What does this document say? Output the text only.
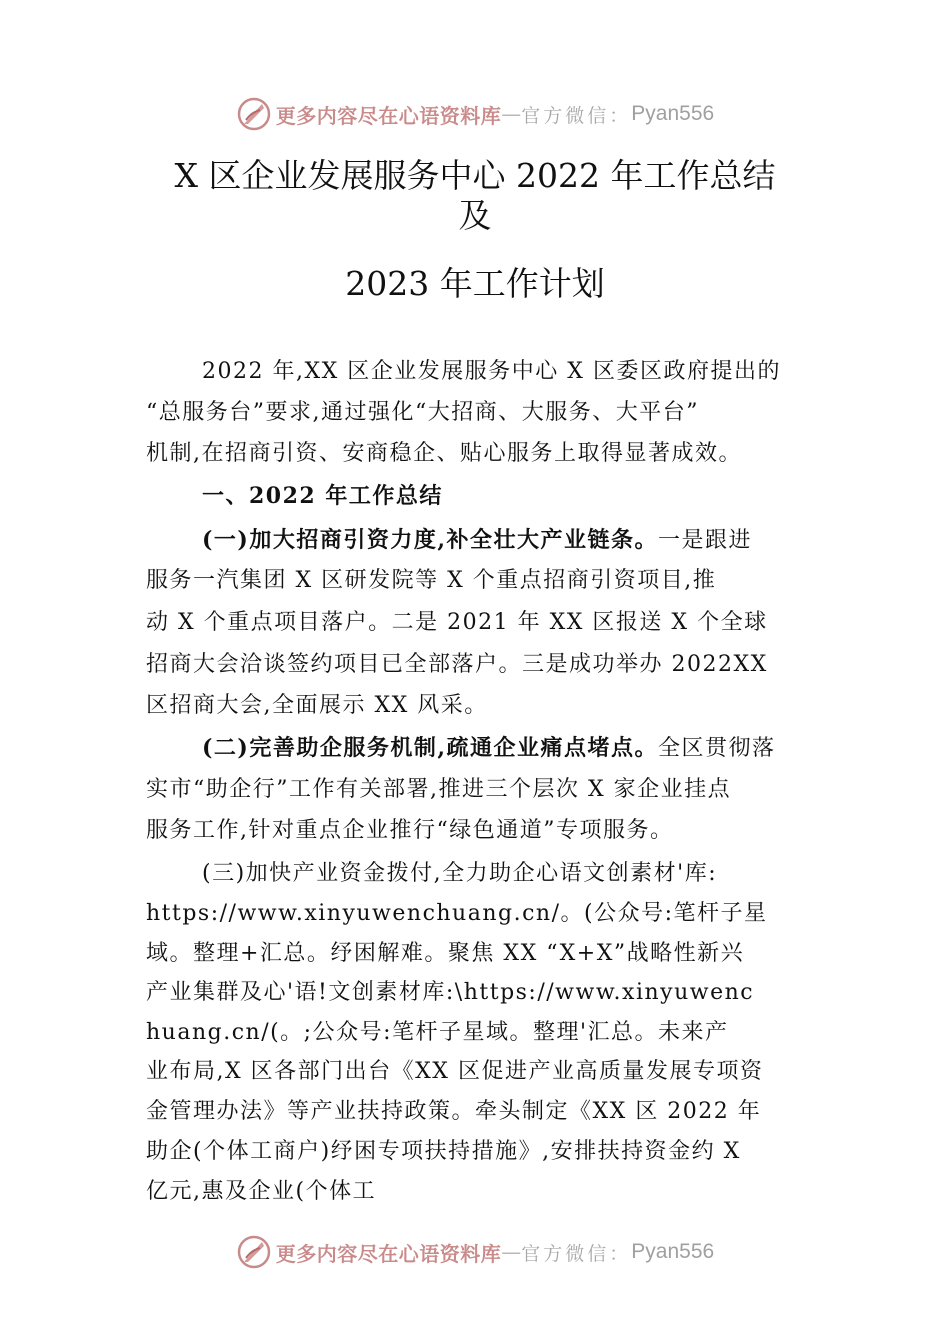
更多内容尽在心语资料库 — 官方微信： Pyan556
X 区企业发展服务中心 2022 年工作总结
及
2023 年工作计划
2022 年,XX 区企业发展服务中心 X 区委区政府提出的
“总服务台”要求,通过强化“大招商、大服务、大平台”
机制,在招商引资、安商稳企、贴心服务上取得显著成效。
一、2022 年工作总结
(一)加大招商引资力度,补全壮大产业链条。一是跟进
服务一汽集团 X 区研发院等 X 个重点招商引资项目,推
动 X 个重点项目落户。二是 2021 年 XX 区报送 X 个全球
招商大会洽谈签约项目已全部落户。三是成功举办 2022XX
区招商大会,全面展示 XX 风采。
(二)完善助企服务机制,疏通企业痛点堵点。全区贯彻落
实市“助企行”工作有关部署,推进三个层次 X 家企业挂点
服务工作,针对重点企业推行“绿色通道”专项服务。
(三)加快产业资金拨付,全力助企心语文创素材'库:
https://www.xinyuwenchuang.cn/。(公众号:笔杆子星
域。整理+汇总。纾困解难。聚焦 XX “X+X”战略性新兴
产业集群及心'语!文创素材库:\https://www.xinyuwenc
huang.cn/(。;公众号:笔杆子星域。整理'汇总。未来产
业布局,X 区各部门出台《XX 区促进产业高质量发展专项资
金管理办法》等产业扶持政策。牵头制定《XX 区 2022 年
助企(个体工商户)纾困专项扶持措施》,安排扶持资金约 X
亿元,惠及企业(个体工
更多内容尽在心语资料库 — 官方微信： Pyan556
